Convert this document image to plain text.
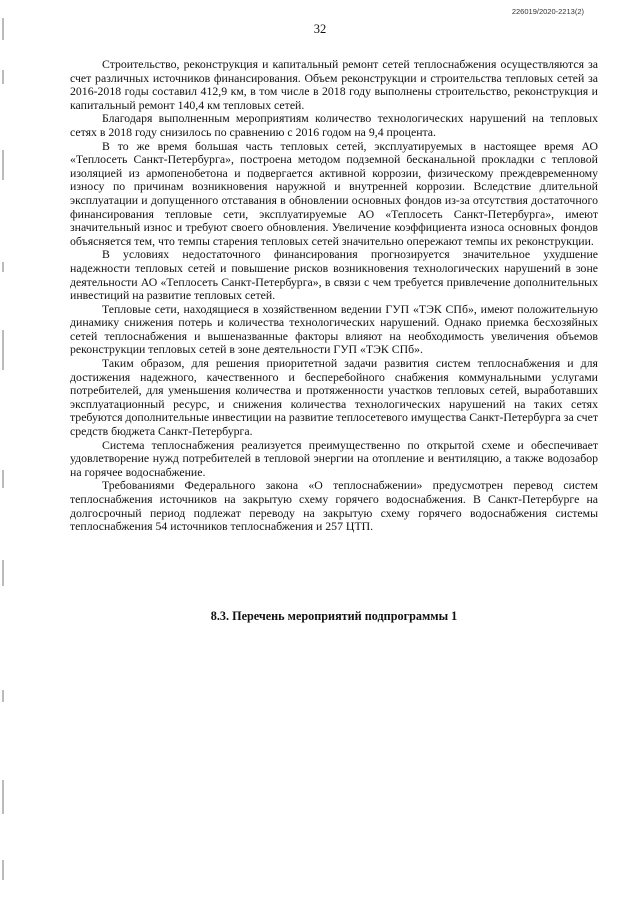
226019/2020-2213(2)
32

Строительство, реконструкция и капитальный ремонт сетей теплоснабжения осуществляются за счет различных источников финансирования. Объем реконструкции и строительства тепловых сетей за 2016-2018 годы составил 412,9 км, в том числе в 2018 году выполнены строительство, реконструкция и капитальный ремонт 140,4 км тепловых сетей.

Благодаря выполненным мероприятиям количество технологических нарушений на тепловых сетях в 2018 году снизилось по сравнению с 2016 годом на 9,4 процента.

В то же время большая часть тепловых сетей, эксплуатируемых в настоящее время АО «Теплосеть Санкт-Петербурга», построена методом подземной бесканальной прокладки с тепловой изоляцией из армопенобетона и подвергается активной коррозии, физическому преждевременному износу по причинам возникновения наружной и внутренней коррозии. Вследствие длительной эксплуатации и допущенного отставания в обновлении основных фондов из-за отсутствия достаточного финансирования тепловые сети, эксплуатируемые АО «Теплосеть Санкт-Петербурга», имеют значительный износ и требуют своего обновления. Увеличение коэффициента износа основных фондов объясняется тем, что темпы старения тепловых сетей значительно опережают темпы их реконструкции.

В условиях недостаточного финансирования прогнозируется значительное ухудшение надежности тепловых сетей и повышение рисков возникновения технологических нарушений в зоне деятельности АО «Теплосеть Санкт-Петербурга», в связи с чем требуется привлечение дополнительных инвестиций на развитие тепловых сетей.

Тепловые сети, находящиеся в хозяйственном ведении ГУП «ТЭК СПб», имеют положительную динамику снижения потерь и количества технологических нарушений. Однако приемка бесхозяйных сетей теплоснабжения и вышеназванные факторы влияют на необходимость увеличения объемов реконструкции тепловых сетей в зоне деятельности ГУП «ТЭК СПб».

Таким образом, для решения приоритетной задачи развития систем теплоснабжения и для достижения надежного, качественного и бесперебойного снабжения коммунальными услугами потребителей, для уменьшения количества и протяженности участков тепловых сетей, выработавших эксплуатационный ресурс, и снижения количества технологических нарушений на таких сетях требуются дополнительные инвестиции на развитие теплосетевого имущества Санкт-Петербурга за счет средств бюджета Санкт-Петербурга.

Система теплоснабжения реализуется преимущественно по открытой схеме и обеспечивает удовлетворение нужд потребителей в тепловой энергии на отопление и вентиляцию, а также водозабор на горячее водоснабжение.

Требованиями Федерального закона «О теплоснабжении» предусмотрен перевод систем теплоснабжения источников на закрытую схему горячего водоснабжения. В Санкт-Петербурге на долгосрочный период подлежат переводу на закрытую схему горячего водоснабжения системы теплоснабжения 54 источников теплоснабжения и 257 ЦТП.

8.3. Перечень мероприятий подпрограммы 1
